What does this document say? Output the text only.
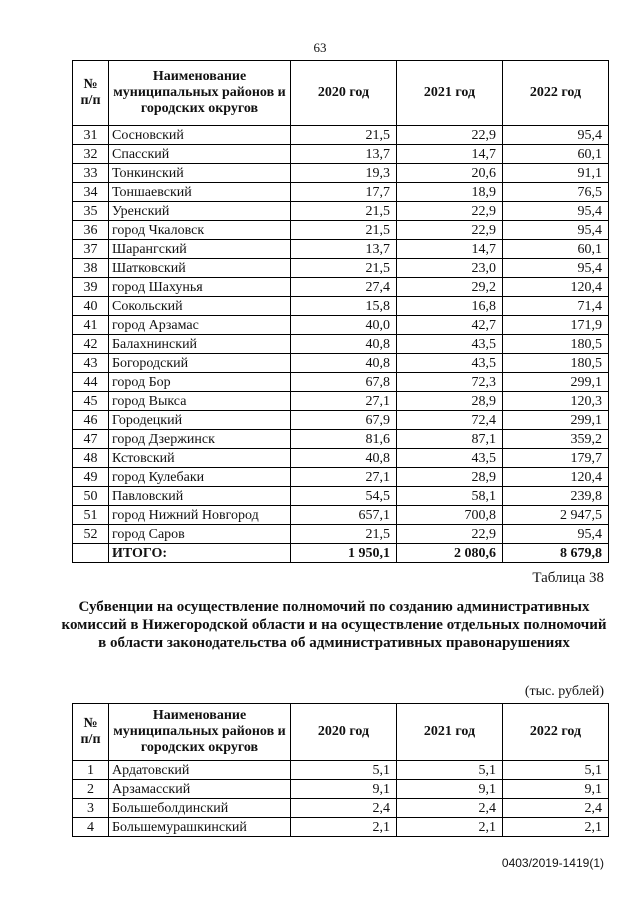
63
№ п/п	Наименование муниципальных районов и городских округов	2020 год	2021 год	2022 год
31	Сосновский	21,5	22,9	95,4
32	Спасский	13,7	14,7	60,1
33	Тонкинский	19,3	20,6	91,1
34	Тоншаевский	17,7	18,9	76,5
35	Уренский	21,5	22,9	95,4
36	город Чкаловск	21,5	22,9	95,4
37	Шарангский	13,7	14,7	60,1
38	Шатковский	21,5	23,0	95,4
39	город Шахунья	27,4	29,2	120,4
40	Сокольский	15,8	16,8	71,4
41	город Арзамас	40,0	42,7	171,9
42	Балахнинский	40,8	43,5	180,5
43	Богородский	40,8	43,5	180,5
44	город Бор	67,8	72,3	299,1
45	город Выкса	27,1	28,9	120,3
46	Городецкий	67,9	72,4	299,1
47	город Дзержинск	81,6	87,1	359,2
48	Кстовский	40,8	43,5	179,7
49	город Кулебаки	27,1	28,9	120,4
50	Павловский	54,5	58,1	239,8
51	город Нижний Новгород	657,1	700,8	2 947,5
52	город Саров	21,5	22,9	95,4
	ИТОГО:	1 950,1	2 080,6	8 679,8
Таблица 38
Субвенции на осуществление полномочий по созданию административных комиссий в Нижегородской области и на осуществление отдельных полномочий в области законодательства об административных правонарушениях
(тыс. рублей)
№ п/п	Наименование муниципальных районов и городских округов	2020 год	2021 год	2022 год
1	Ардатовский	5,1	5,1	5,1
2	Арзамасский	9,1	9,1	9,1
3	Большеболдинский	2,4	2,4	2,4
4	Большемурашкинский	2,1	2,1	2,1
0403/2019-1419(1)
